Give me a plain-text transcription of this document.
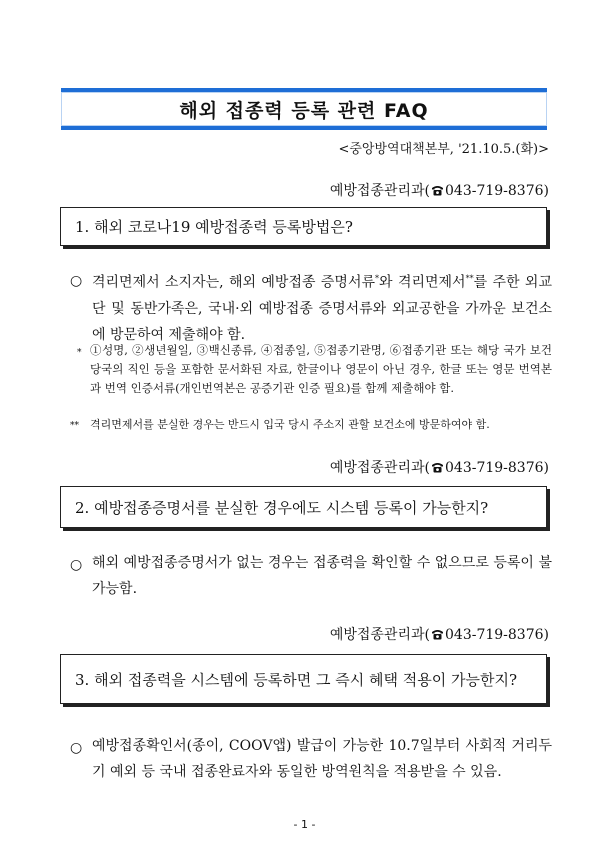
해외 접종력 등록 관련 FAQ
<중앙방역대책본부, '21.10.5.(화)>
예방접종관리과( 043-719-8376)
1. 해외 코로나19 예방접종력 등록방법은?
○ 격리면제서 소지자는, 해외 예방접종 증명서류*와 격리면제서**를 주한 외교단 및 동반가족은, 국내·외 예방접종 증명서류와 외교공한을 가까운 보건소에 방문하여 제출해야 함.
* ①성명, ②생년월일, ③백신종류, ④접종일, ⑤접종기관명, ⑥접종기관 또는 해당 국가 보건당국의 직인 등을 포함한 문서화된 자료, 한글이나 영문이 아닌 경우, 한글 또는 영문 번역본과 번역 인증서류(개인번역본은 공증기관 인증 필요)를 함께 제출해야 함.
** 격리면제서를 분실한 경우는 반드시 입국 당시 주소지 관할 보건소에 방문하여야 함.
예방접종관리과( 043-719-8376)
2. 예방접종증명서를 분실한 경우에도 시스템 등록이 가능한지?
○ 해외 예방접종증명서가 없는 경우는 접종력을 확인할 수 없으므로 등록이 불가능함.
예방접종관리과( 043-719-8376)
3. 해외 접종력을 시스템에 등록하면 그 즉시 혜택 적용이 가능한지?
○ 예방접종확인서(종이, COOV앱) 발급이 가능한 10.7일부터 사회적 거리두기 예외 등 국내 접종완료자와 동일한 방역원칙을 적용받을 수 있음.
- 1 -
